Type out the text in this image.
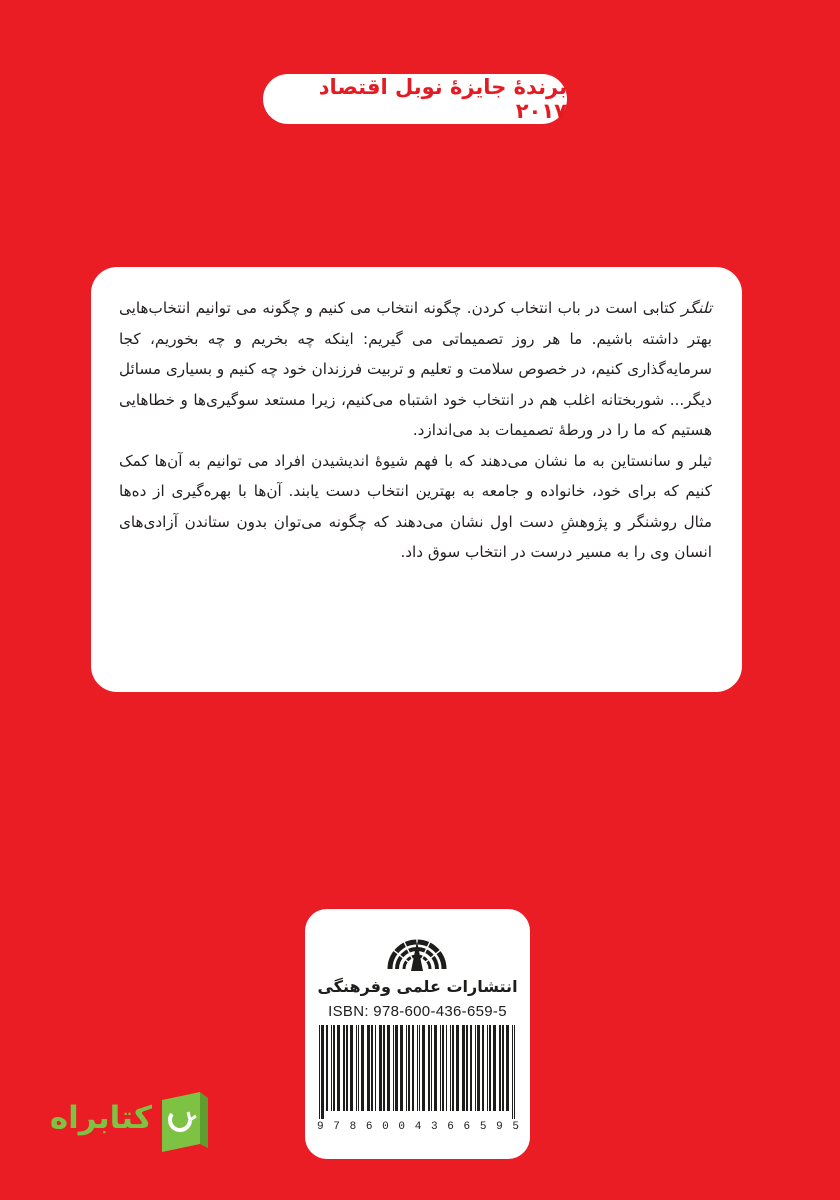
برندهٔ جایزهٔ نوبل اقتصاد ۲۰۱۷

تلنگر کتابی است در باب انتخاب کردن. چگونه انتخاب می کنیم و چگونه می توانیم انتخاب‌هایی بهتر داشته باشیم. ما هر روز تصمیماتی می گیریم: اینکه چه بخریم و چه بخوریم، کجا سرمایه‌گذاری کنیم، در خصوص سلامت و تعلیم و تربیت فرزندان خود چه کنیم و بسیاری مسائل دیگر... شوربختانه اغلب هم در انتخاب خود اشتباه می‌کنیم، زیرا مستعد سوگیری‌ها و خطاهایی هستیم که ما را در ورطهٔ تصمیمات بد می‌اندازد.

ثیلر و سانستاین به ما نشان می‌دهند که با فهم شیوهٔ اندیشیدن افراد می توانیم به آن‌ها کمک کنیم که برای خود، خانواده و جامعه به بهترین انتخاب دست یابند. آن‌ها با بهره‌گیری از ده‌ها مثال روشنگر و پژوهشِ دست اول نشان می‌دهند که چگونه می‌توان بدون ستاندن آزادی‌های انسان وی را به مسیر درست در انتخاب سوق داد.

انتشارات علمی وفرهنگی
ISBN: 978-600-436-659-5
9 7 8 6 0 0 4 3 6 6 5 9 5
کتابراه
